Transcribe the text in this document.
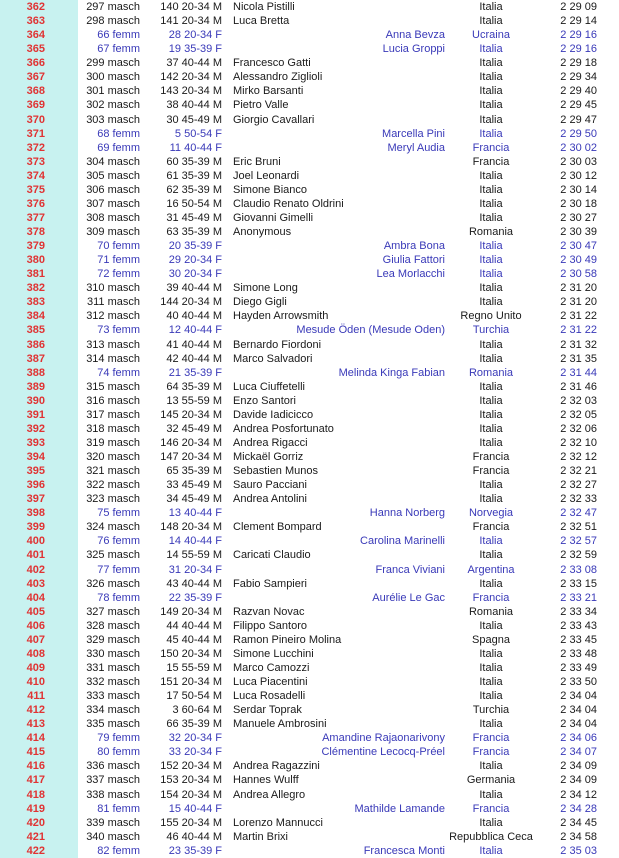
362	297 masch	140 20-34 M	Nicola Pistilli	Italia	2 29 09
363	298 masch	141 20-34 M	Luca Bretta	Italia	2 29 14
364	66 femm	28 20-34 F	Anna Bevza	Ucraina	2 29 16
365	67 femm	19 35-39 F	Lucia Groppi	Italia	2 29 16
366	299 masch	37 40-44 M	Francesco Gatti	Italia	2 29 18
367	300 masch	142 20-34 M	Alessandro Ziglioli	Italia	2 29 34
368	301 masch	143 20-34 M	Mirko Barsanti	Italia	2 29 40
369	302 masch	38 40-44 M	Pietro Valle	Italia	2 29 45
370	303 masch	30 45-49 M	Giorgio Cavallari	Italia	2 29 47
371	68 femm	5 50-54 F	Marcella Pini	Italia	2 29 50
372	69 femm	11 40-44 F	Meryl Audia	Francia	2 30 02
373	304 masch	60 35-39 M	Eric Bruni	Francia	2 30 03
374	305 masch	61 35-39 M	Joel Leonardi	Italia	2 30 12
375	306 masch	62 35-39 M	Simone Bianco	Italia	2 30 14
376	307 masch	16 50-54 M	Claudio Renato Oldrini	Italia	2 30 18
377	308 masch	31 45-49 M	Giovanni Gimelli	Italia	2 30 27
378	309 masch	63 35-39 M	Anonymous	Romania	2 30 39
379	70 femm	20 35-39 F	Ambra Bona	Italia	2 30 47
380	71 femm	29 20-34 F	Giulia Fattori	Italia	2 30 49
381	72 femm	30 20-34 F	Lea Morlacchi	Italia	2 30 58
382	310 masch	39 40-44 M	Simone Long	Italia	2 31 20
383	311 masch	144 20-34 M	Diego Gigli	Italia	2 31 20
384	312 masch	40 40-44 M	Hayden Arrowsmith	Regno Unito	2 31 22
385	73 femm	12 40-44 F	Mesude Öden (Mesude Oden)	Turchia	2 31 22
386	313 masch	41 40-44 M	Bernardo Fiordoni	Italia	2 31 32
387	314 masch	42 40-44 M	Marco Salvadori	Italia	2 31 35
388	74 femm	21 35-39 F	Melinda Kinga Fabian	Romania	2 31 44
389	315 masch	64 35-39 M	Luca Ciuffetelli	Italia	2 31 46
390	316 masch	13 55-59 M	Enzo Santori	Italia	2 32 03
391	317 masch	145 20-34 M	Davide Iadicicco	Italia	2 32 05
392	318 masch	32 45-49 M	Andrea Posfortunato	Italia	2 32 06
393	319 masch	146 20-34 M	Andrea Rigacci	Italia	2 32 10
394	320 masch	147 20-34 M	Mickaël Gorriz	Francia	2 32 12
395	321 masch	65 35-39 M	Sebastien Munos	Francia	2 32 21
396	322 masch	33 45-49 M	Sauro Pacciani	Italia	2 32 27
397	323 masch	34 45-49 M	Andrea Antolini	Italia	2 32 33
398	75 femm	13 40-44 F	Hanna Norberg	Norvegia	2 32 47
399	324 masch	148 20-34 M	Clement Bompard	Francia	2 32 51
400	76 femm	14 40-44 F	Carolina Marinelli	Italia	2 32 57
401	325 masch	14 55-59 M	Caricati Claudio	Italia	2 32 59
402	77 femm	31 20-34 F	Franca Viviani	Argentina	2 33 08
403	326 masch	43 40-44 M	Fabio Sampieri	Italia	2 33 15
404	78 femm	22 35-39 F	Aurélie Le Gac	Francia	2 33 21
405	327 masch	149 20-34 M	Razvan Novac	Romania	2 33 34
406	328 masch	44 40-44 M	Filippo Santoro	Italia	2 33 43
407	329 masch	45 40-44 M	Ramon Pineiro Molina	Spagna	2 33 45
408	330 masch	150 20-34 M	Simone Lucchini	Italia	2 33 48
409	331 masch	15 55-59 M	Marco Camozzi	Italia	2 33 49
410	332 masch	151 20-34 M	Luca Piacentini	Italia	2 33 50
411	333 masch	17 50-54 M	Luca Rosadelli	Italia	2 34 04
412	334 masch	3 60-64 M	Serdar Toprak	Turchia	2 34 04
413	335 masch	66 35-39 M	Manuele Ambrosini	Italia	2 34 04
414	79 femm	32 20-34 F	Amandine Rajaonarivony	Francia	2 34 06
415	80 femm	33 20-34 F	Clémentine Lecocq-Préel	Francia	2 34 07
416	336 masch	152 20-34 M	Andrea Ragazzini	Italia	2 34 09
417	337 masch	153 20-34 M	Hannes Wulff	Germania	2 34 09
418	338 masch	154 20-34 M	Andrea Allegro	Italia	2 34 12
419	81 femm	15 40-44 F	Mathilde Lamande	Francia	2 34 28
420	339 masch	155 20-34 M	Lorenzo Mannucci	Italia	2 34 45
421	340 masch	46 40-44 M	Martin Brixi	Repubblica Ceca	2 34 58
422	82 femm	23 35-39 F	Francesca Monti	Italia	2 35 03
